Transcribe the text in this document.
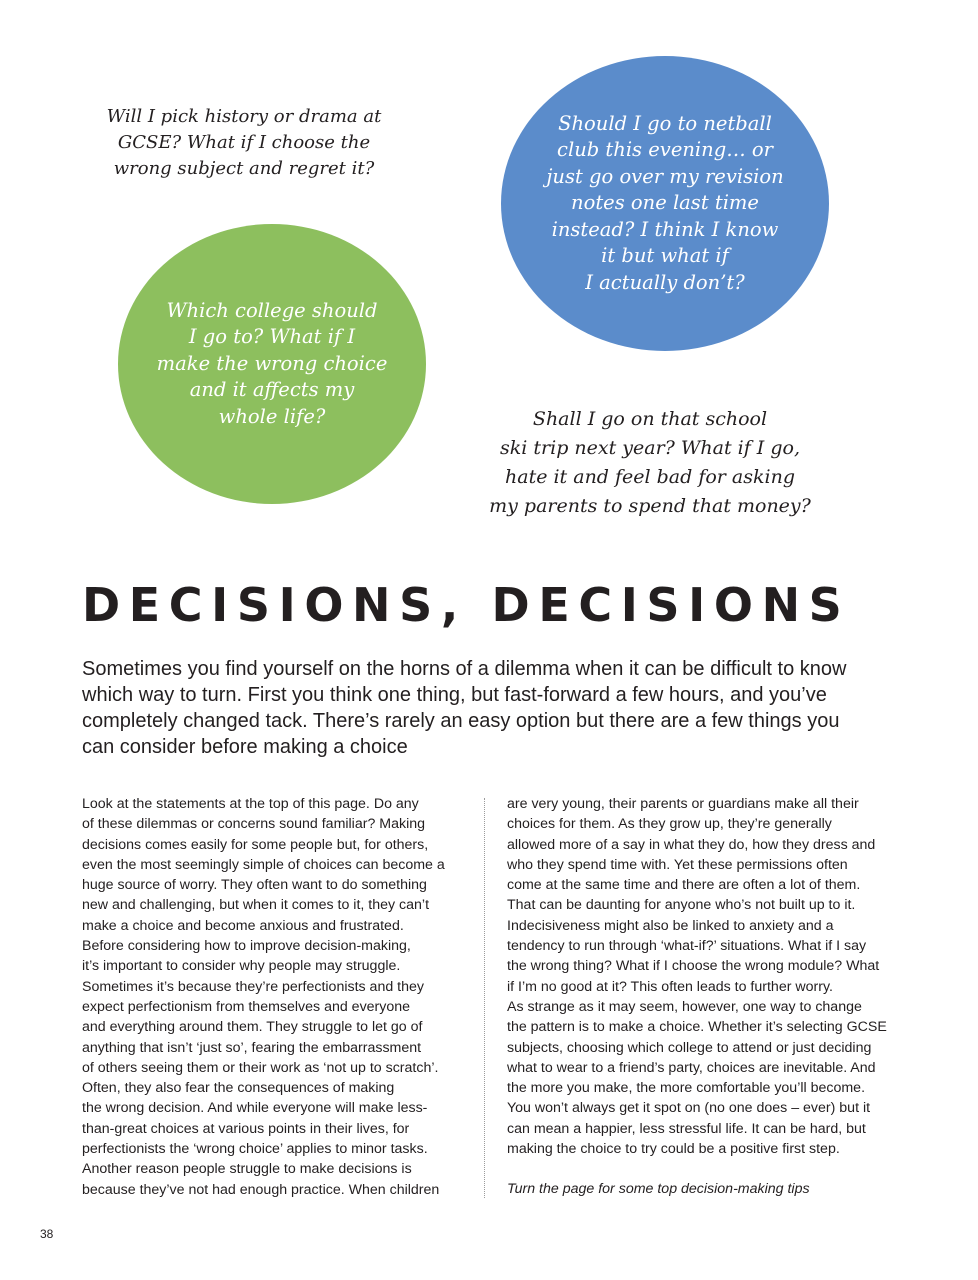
Will I pick history or drama at
GCSE? What if I choose the
wrong subject and regret it?
Should I go to netball
club this evening… or
just go over my revision
notes one last time
instead? I think I know
it but what if
I actually don’t?
Which college should
I go to? What if I
make the wrong choice
and it affects my
whole life?	Shall I go on that school
ski trip next year? What if I go,
hate it and feel bad for asking
my parents to spend that money?
DECISIONS, DECISIONS

Sometimes you find yourself on the horns of a dilemma when it can be difficult to know
which way to turn. First you think one thing, but fast-forward a few hours, and you’ve
completely changed tack. There’s rarely an easy option but there are a few things you
can consider before making a choice

Look at the statements at the top of this page. Do any
of these dilemmas or concerns sound familiar? Making
decisions comes easily for some people but, for others,
even the most seemingly simple of choices can become a
huge source of worry. They often want to do something
new and challenging, but when it comes to it, they can’t
make a choice and become anxious and frustrated.

Before considering how to improve decision-making,
it’s important to consider why people may struggle.

Sometimes it’s because they’re perfectionists and they
expect perfectionism from themselves and everyone
and everything around them. They struggle to let go of
anything that isn’t ‘just so’, fearing the embarrassment
of others seeing them or their work as ‘not up to scratch’.

Often, they also fear the consequences of making
the wrong decision. And while everyone will make less-
than-great choices at various points in their lives, for
perfectionists the ‘wrong choice’ applies to minor tasks.

Another reason people struggle to make decisions is
because they’ve not had enough practice. When children

are very young, their parents or guardians make all their
choices for them. As they grow up, they’re generally
allowed more of a say in what they do, how they dress and
who they spend time with. Yet these permissions often
come at the same time and there are often a lot of them.
That can be daunting for anyone who’s not built up to it.

Indecisiveness might also be linked to anxiety and a
tendency to run through ‘what-if?’ situations. What if I say
the wrong thing? What if I choose the wrong module? What
if I’m no good at it? This often leads to further worry.

As strange as it may seem, however, one way to change
the pattern is to make a choice. Whether it’s selecting GCSE
subjects, choosing which college to attend or just deciding
what to wear to a friend’s party, choices are inevitable. And
the more you make, the more comfortable you’ll become.
You won’t always get it spot on (no one does – ever) but it
can mean a happier, less stressful life. It can be hard, but
making the choice to try could be a positive first step.

Turn the page for some top decision-making tips

38
